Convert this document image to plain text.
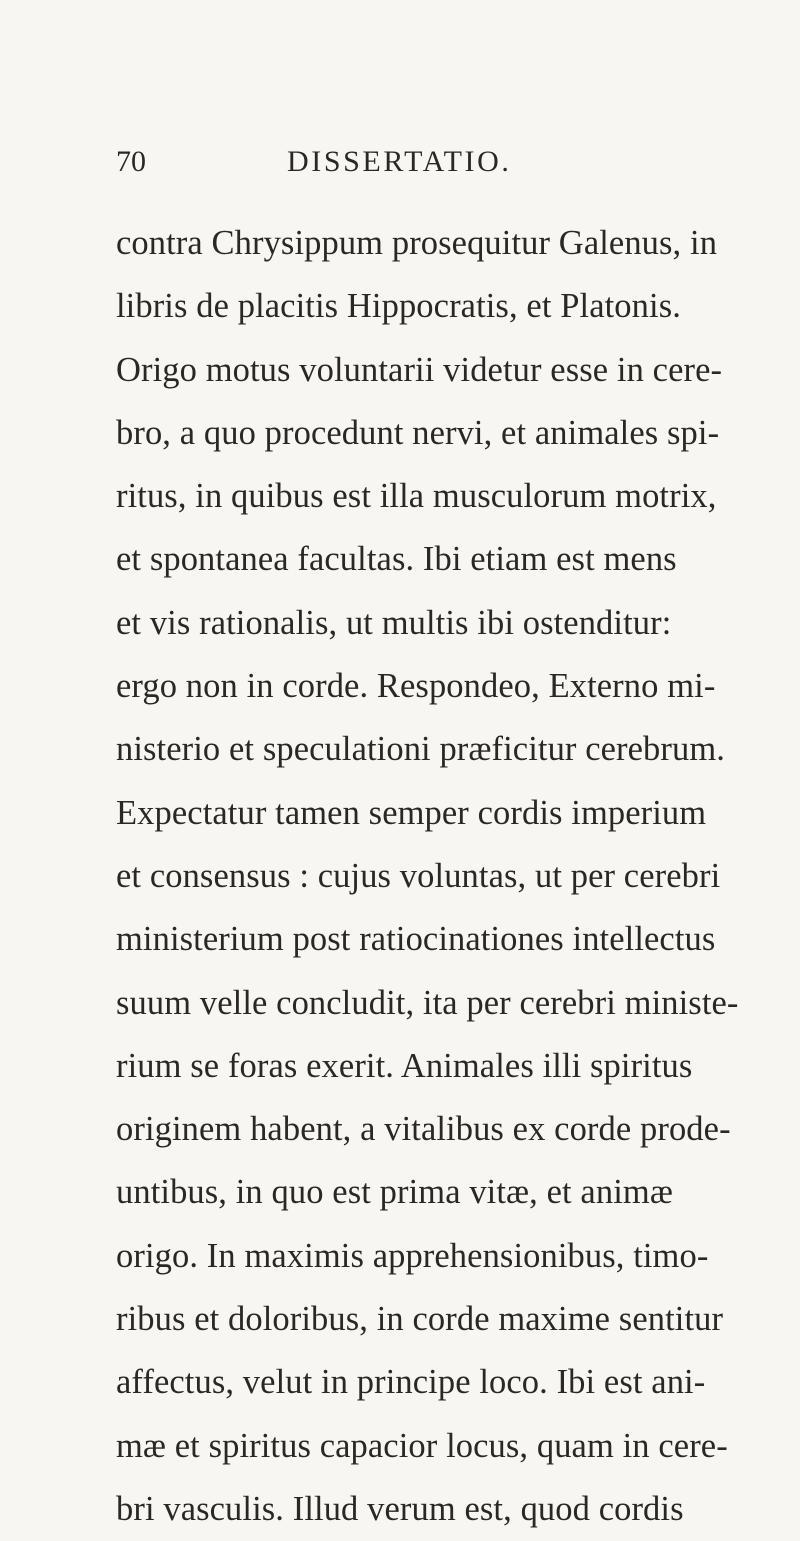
70	DISSERTATIO.
contra Chrysippum prosequitur Galenus, in
libris de placitis Hippocratis, et Platonis.
Origo motus voluntarii videtur esse in cere-
bro, a quo procedunt nervi, et animales spi-
ritus, in quibus est illa musculorum motrix,
et spontanea facultas. Ibi etiam est mens
et vis rationalis, ut multis ibi ostenditur:
ergo non in corde. Respondeo, Externo mi-
nisterio et speculationi præficitur cerebrum.
Expectatur tamen semper cordis imperium
et consensus : cujus voluntas, ut per cerebri
ministerium post ratiocinationes intellectus
suum velle concludit, ita per cerebri ministe-
rium se foras exerit. Animales illi spiritus
originem habent, a vitalibus ex corde prode-
untibus, in quo est prima vitæ, et animæ
origo. In maximis apprehensionibus, timo-
ribus et doloribus, in corde maxime sentitur
affectus, velut in principe loco. Ibi est ani-
mæ et spiritus capacior locus, quam in cere-
bri vasculis. Illud verum est, quod cordis
